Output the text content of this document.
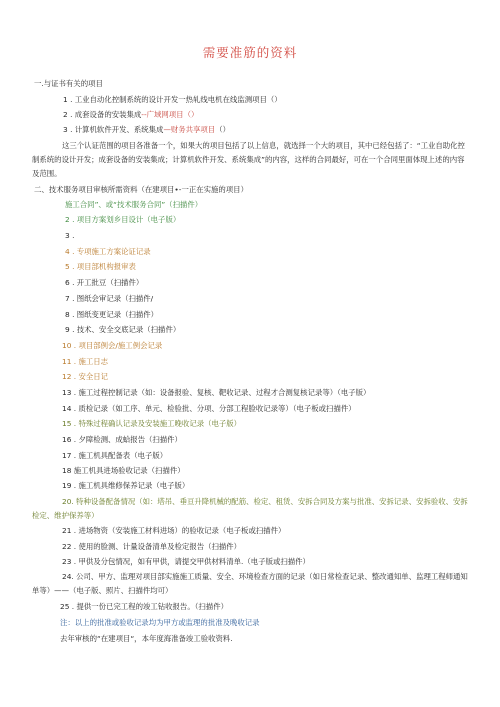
需要准筋的资料
一.与证书有关的项目
1 . 工业自动化控制系统的设计开发一热轧线电机在线监测项目（）
2 . 成套设备的安装集成--广域网项目（）
3 . 计算机软件开发、系统集成—财务共享项目（）
这三个认证范围的项目各准备一个，如果大的项目包括了以上信息，就选择一个大的项目，其中已经包括了：“工业自助化控制系统的设计开发；成套设备的安装集成；计算机软件开发、系统集成”的内容，这样的合同最好，可在一个合同里面体现上述的内容及范围。
二、技术服务项目审核所需资料（在建项目•-一正在实施的项目）
施工合同”、或“技术服务合同”（扫描件）
2 . 项目方案划乡目设计（电子版）
3 .
4 . 专项施工方案论证记录
5 . 项目部机构报审表
6 . 开工批豆（扫描件）
7 . 图纸会审记录（扫描件/
8 . 图纸变更记录（扫描件）
9 . 技术、安全交底记录（扫描件）
10 . 项目部例会/施工例会记录
11 . 施工日志
12 . 安全日记
13 . 施工过程控制记录（如：设备报验、复核、靶收记录、过程才合测复核记录等）（电子版）
14 . 质检记录（如工序、单元、检验批、分项、分部工程脸收记录等）（电子板或扫描件）
15 . 特殊过程确认记录及安装施工晚收记录（电子版）
16 . 夕障检测、成蛤报告（扫描件）
17 . 施工机具配备表（电子版）
18 施工机具进场验收记录（扫描件）
19 . 施工机具维修保养记录（电子版）
20. 特种设备配备情况（如：塔吊、垂亘升降机械的配筋、检定、租赁、安拆合同及方案与批准、安拆记录、安拆验收、安拆检定、维护保养等）
21 . 进场物资（安装施工材料进场）的验收记录（电子板或扫描件）
22 . 使用的脸测、计量设备清单及检定报告（扫描件）
23 . 甲供及分包情况，如有甲供，请提交甲供材料清单.（电子版或扫描件）
24. 公司、甲方、监理对项目部实施施工质量、安全、环境检查方面的记录（如日常检查记录、整改通知单、监理工程师通知单等）——（电子版、照片、扫描件均可）
25 . 提供一份已完工程的竣工钻收报告。（扫描件）
注：以上的批准或验收记录均为甲方或监理的批准及晚收记录
去年审核的“在建项目“，本年度海准备竣工验收资料.
